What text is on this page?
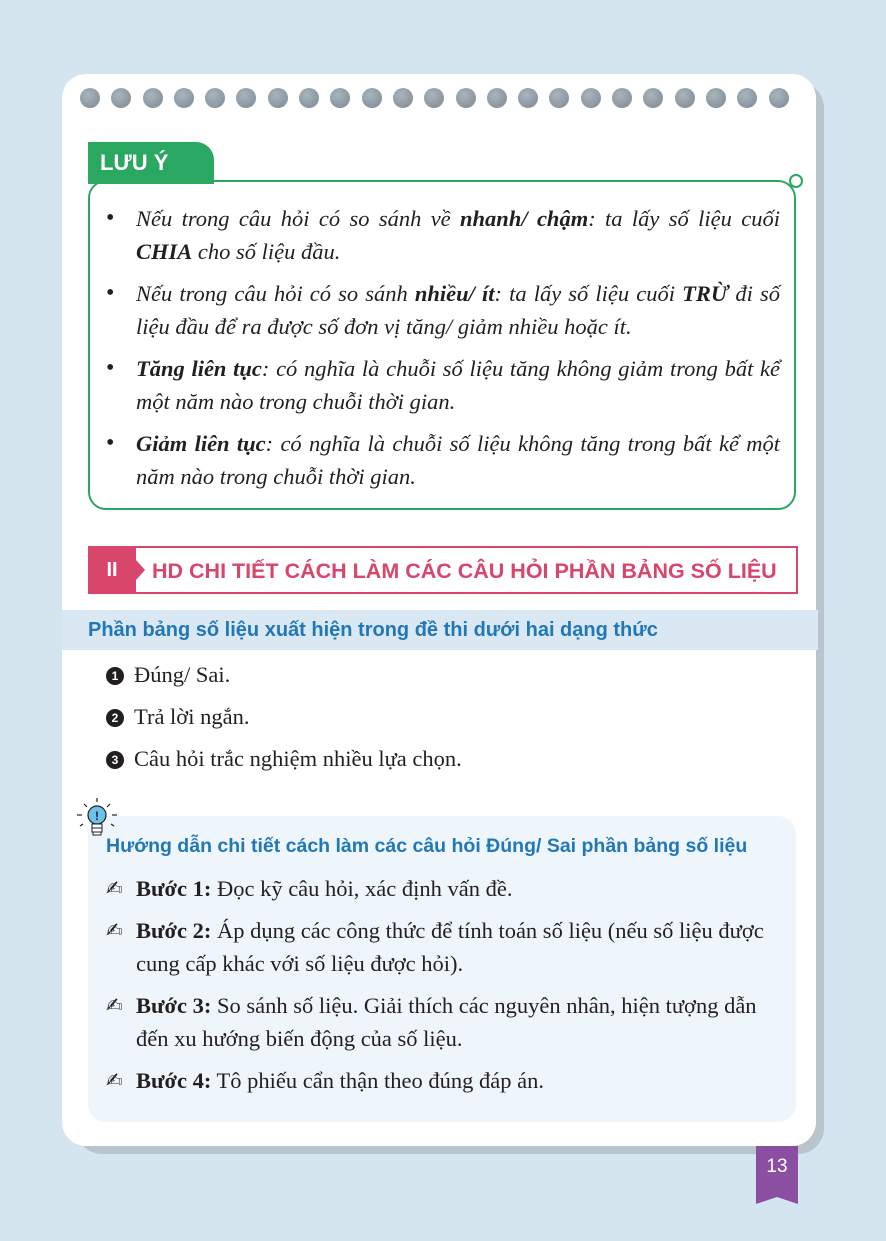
LƯU Ý
• Nếu trong câu hỏi có so sánh về nhanh/ chậm: ta lấy số liệu cuối CHIA cho số liệu đầu.
• Nếu trong câu hỏi có so sánh nhiều/ ít: ta lấy số liệu cuối TRỪ đi số liệu đầu để ra được số đơn vị tăng/ giảm nhiều hoặc ít.
• Tăng liên tục: có nghĩa là chuỗi số liệu tăng không giảm trong bất kể một năm nào trong chuỗi thời gian.
• Giảm liên tục: có nghĩa là chuỗi số liệu không tăng trong bất kể một năm nào trong chuỗi thời gian.
II	HD CHI TIẾT CÁCH LÀM CÁC CÂU HỎI PHẦN BẢNG SỐ LIỆU
Phần bảng số liệu xuất hiện trong đề thi dưới hai dạng thức
1 Đúng/ Sai.
2 Trả lời ngắn.
3 Câu hỏi trắc nghiệm nhiều lựa chọn.
!
Hướng dẫn chi tiết cách làm các câu hỏi Đúng/ Sai phần bảng số liệu
✍ Bước 1: Đọc kỹ câu hỏi, xác định vấn đề.
✍ Bước 2: Áp dụng các công thức để tính toán số liệu (nếu số liệu được cung cấp khác với số liệu được hỏi).
✍ Bước 3: So sánh số liệu. Giải thích các nguyên nhân, hiện tượng dẫn đến xu hướng biến động của số liệu.
✍ Bước 4: Tô phiếu cẩn thận theo đúng đáp án.
13
